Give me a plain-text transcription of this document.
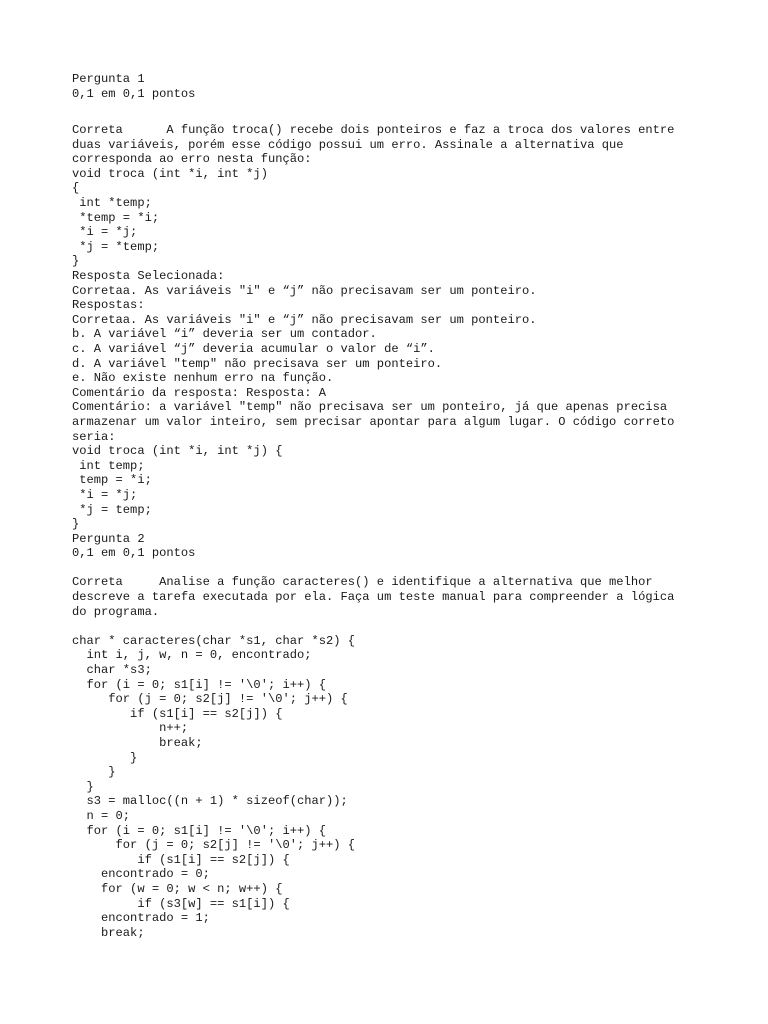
Pergunta 1
0,1 em 0,1 pontos
Correta      A função troca() recebe dois ponteiros e faz a troca dos valores entre
duas variáveis, porém esse código possui um erro. Assinale a alternativa que
corresponda ao erro nesta função:
void troca (int *i, int *j)
{
int *temp;
*temp = *i;
*i = *j;
*j = *temp;
}
Resposta Selecionada:
Corretaa. As variáveis "i" e “j” não precisavam ser um ponteiro.
Respostas:
Corretaa. As variáveis "i" e “j” não precisavam ser um ponteiro.
b. A variável “i” deveria ser um contador.
c. A variável “j” deveria acumular o valor de “i”.
d. A variável "temp" não precisava ser um ponteiro.
e. Não existe nenhum erro na função.
Comentário da resposta: Resposta: A
Comentário: a variável "temp" não precisava ser um ponteiro, já que apenas precisa
armazenar um valor inteiro, sem precisar apontar para algum lugar. O código correto
seria:
void troca (int *i, int *j) {
int temp;
temp = *i;
*i = *j;
*j = temp;
}
Pergunta 2
0,1 em 0,1 pontos
Correta     Analise a função caracteres() e identifique a alternativa que melhor
descreve a tarefa executada por ela. Faça um teste manual para compreender a lógica
do programa.
char * caracteres(char *s1, char *s2) {
int i, j, w, n = 0, encontrado;
char *s3;
for (i = 0; s1[i] != '\0'; i++) {
for (j = 0; s2[j] != '\0'; j++) {
if (s1[i] == s2[j]) {
n++;
break;
}
}
}
s3 = malloc((n + 1) * sizeof(char));
n = 0;
for (i = 0; s1[i] != '\0'; i++) {
for (j = 0; s2[j] != '\0'; j++) {
if (s1[i] == s2[j]) {
encontrado = 0;
for (w = 0; w < n; w++) {
if (s3[w] == s1[i]) {
encontrado = 1;
break;
